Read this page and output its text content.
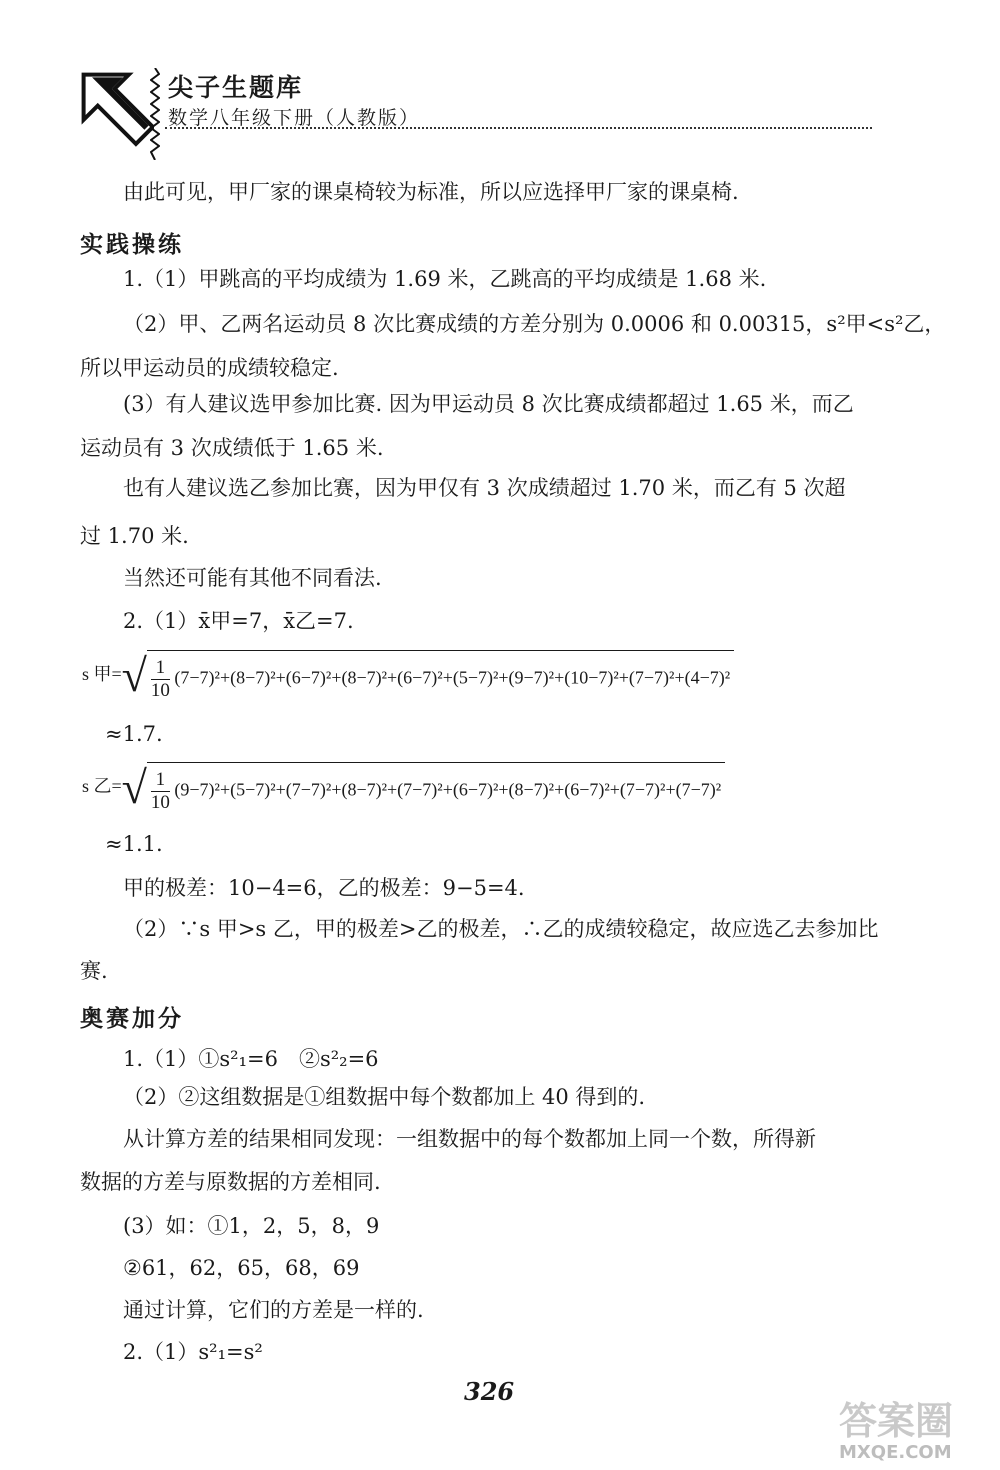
尖子生题库
数学八年级下册（人教版）
由此可见，甲厂家的课桌椅较为标准，所以应选择甲厂家的课桌椅.
实践操练
1.（1）甲跳高的平均成绩为 1.69 米，乙跳高的平均成绩是 1.68 米.
（2）甲、乙两名运动员 8 次比赛成绩的方差分别为 0.0006 和 0.00315，s²甲<s²乙，
所以甲运动员的成绩较稳定.
(3）有人建议选甲参加比赛. 因为甲运动员 8 次比赛成绩都超过 1.65 米，而乙
运动员有 3 次成绩低于 1.65 米.
也有人建议选乙参加比赛，因为甲仅有 3 次成绩超过 1.70 米，而乙有 5 次超
过 1.70 米.
当然还可能有其他不同看法.
2.（1）x̄甲=7，x̄乙=7.
s 甲=√ $\frac{1}{10} (7-7)^2+(8-7)^2+(6-7)^2+(8-7)^2+(6-7)^2+(5-7)^2+(9-7)^2+(10-7)^2+(7-7)^2+(4-7)^2$
≈1.7.
s 乙=√ $\frac{1}{10} (9-7)^2+(5-7)^2+(7-7)^2+(8-7)^2+(7-7)^2+(6-7)^2+(8-7)^2+(6-7)^2+(7-7)^2+(7-7)^2$
≈1.1.
甲的极差：10−4=6，乙的极差：9−5=4.
（2）∵s 甲>s 乙，甲的极差>乙的极差，∴乙的成绩较稳定，故应选乙去参加比
赛.
奥赛加分
1.（1）①s²₁=6　②s²₂=6
（2）②这组数据是①组数据中每个数都加上 40 得到的.
从计算方差的结果相同发现：一组数据中的每个数都加上同一个数，所得新
数据的方差与原数据的方差相同.
(3）如：①1，2，5，8，9
②61，62，65，68，69
通过计算，它们的方差是一样的.
2.（1）s²₁=s²
326
答案圈
MXQE.COM
